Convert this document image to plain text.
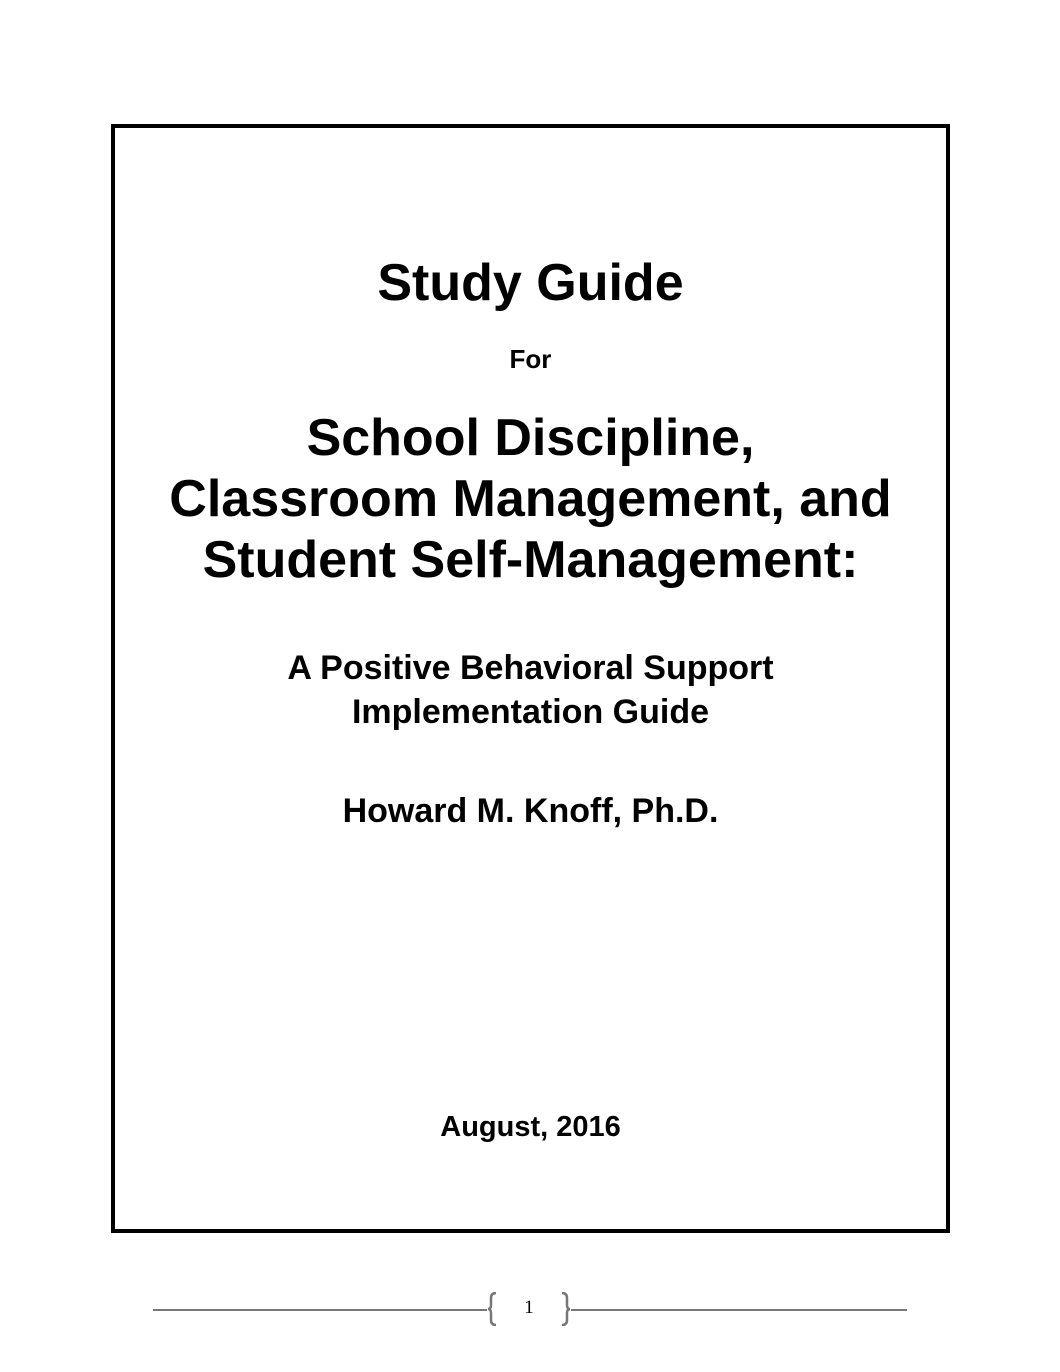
Study Guide

For

School Discipline,
Classroom Management, and
Student Self-Management:
A Positive Behavioral Support
Implementation Guide

Howard M. Knoff, Ph.D.

August, 2016

1
